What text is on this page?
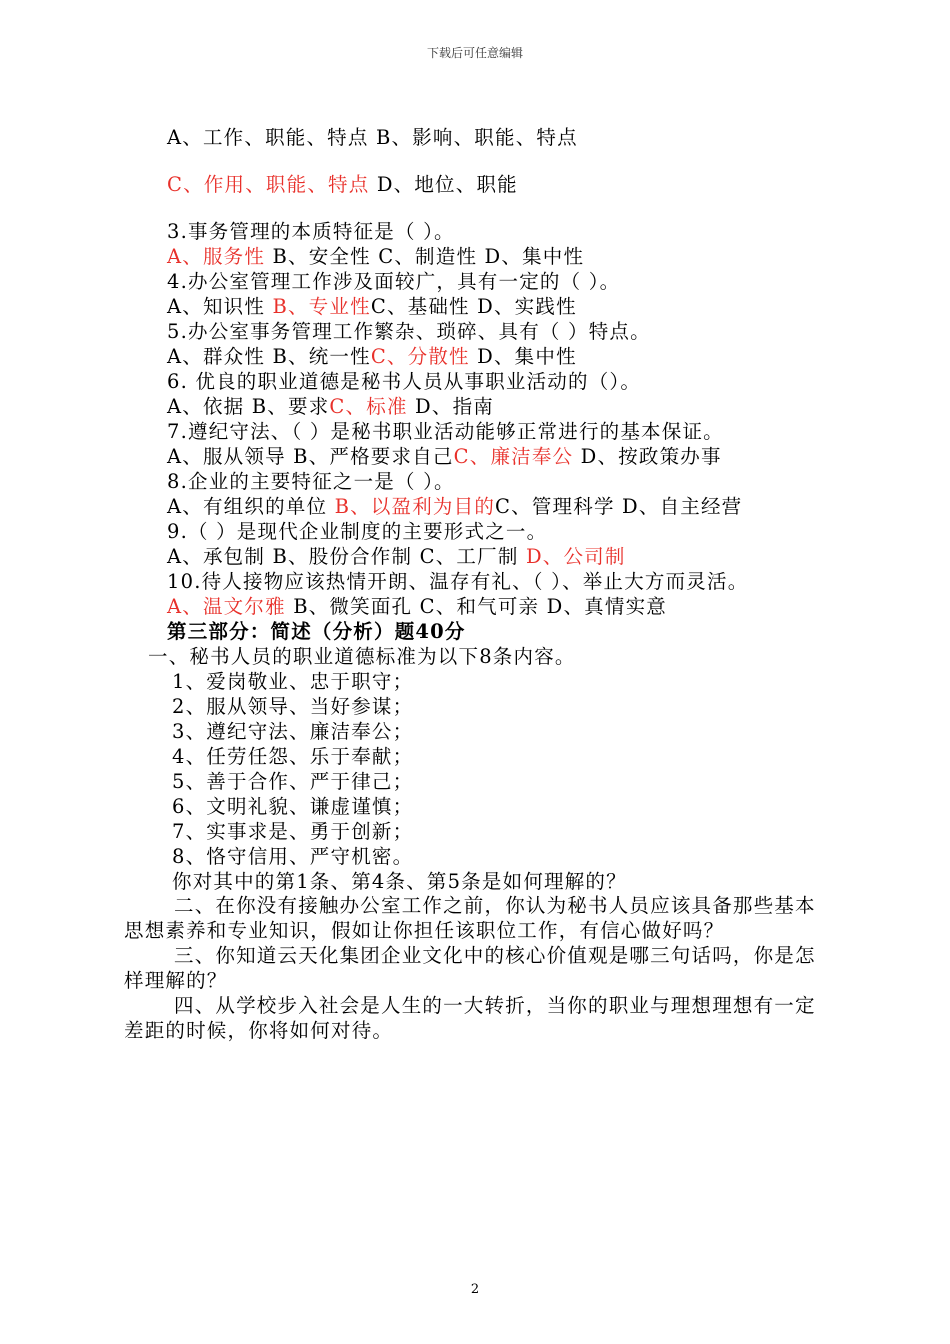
下载后可任意编辑
A、工作、职能、特点 B、影响、职能、特点
C、作用、职能、特点 D、地位、职能
3.事务管理的本质特征是（ ）。
A、服务性 B、安全性 C、制造性 D、集中性
4.办公室管理工作涉及面较广，具有一定的（ ）。
A、知识性 B、专业性C、基础性 D、实践性
5.办公室事务管理工作繁杂、琐碎、具有（ ）特点。
A、群众性 B、统一性C、分散性 D、集中性
6. 优良的职业道德是秘书人员从事职业活动的（）。
A、依据 B、要求C、标准 D、指南
7.遵纪守法、（ ）是秘书职业活动能够正常进行的基本保证。
A、服从领导 B、严格要求自己C、廉洁奉公 D、按政策办事
8.企业的主要特征之一是（ ）。
A、有组织的单位 B、以盈利为目的C、管理科学 D、自主经营
9.（ ）是现代企业制度的主要形式之一。
A、承包制 B、股份合作制 C、工厂制 D、公司制
10.待人接物应该热情开朗、温存有礼、（ ）、举止大方而灵活。
A、温文尔雅 B、微笑面孔 C、和气可亲 D、真情实意
第三部分：简述（分析）题40分
一、秘书人员的职业道德标准为以下8条内容。
1、爱岗敬业、忠于职守；
2、服从领导、当好参谋；
3、遵纪守法、廉洁奉公；
4、任劳任怨、乐于奉献；
5、善于合作、严于律己；
6、文明礼貌、谦虚谨慎；
7、实事求是、勇于创新；
8、恪守信用、严守机密。
你对其中的第1条、第4条、第5条是如何理解的？
二、在你没有接触办公室工作之前，你认为秘书人员应该具备那些基本思想素养和专业知识，假如让你担任该职位工作，有信心做好吗？
三、你知道云天化集团企业文化中的核心价值观是哪三句话吗，你是怎样理解的？
四、从学校步入社会是人生的一大转折，当你的职业与理想理想有一定差距的时候，你将如何对待。
2
